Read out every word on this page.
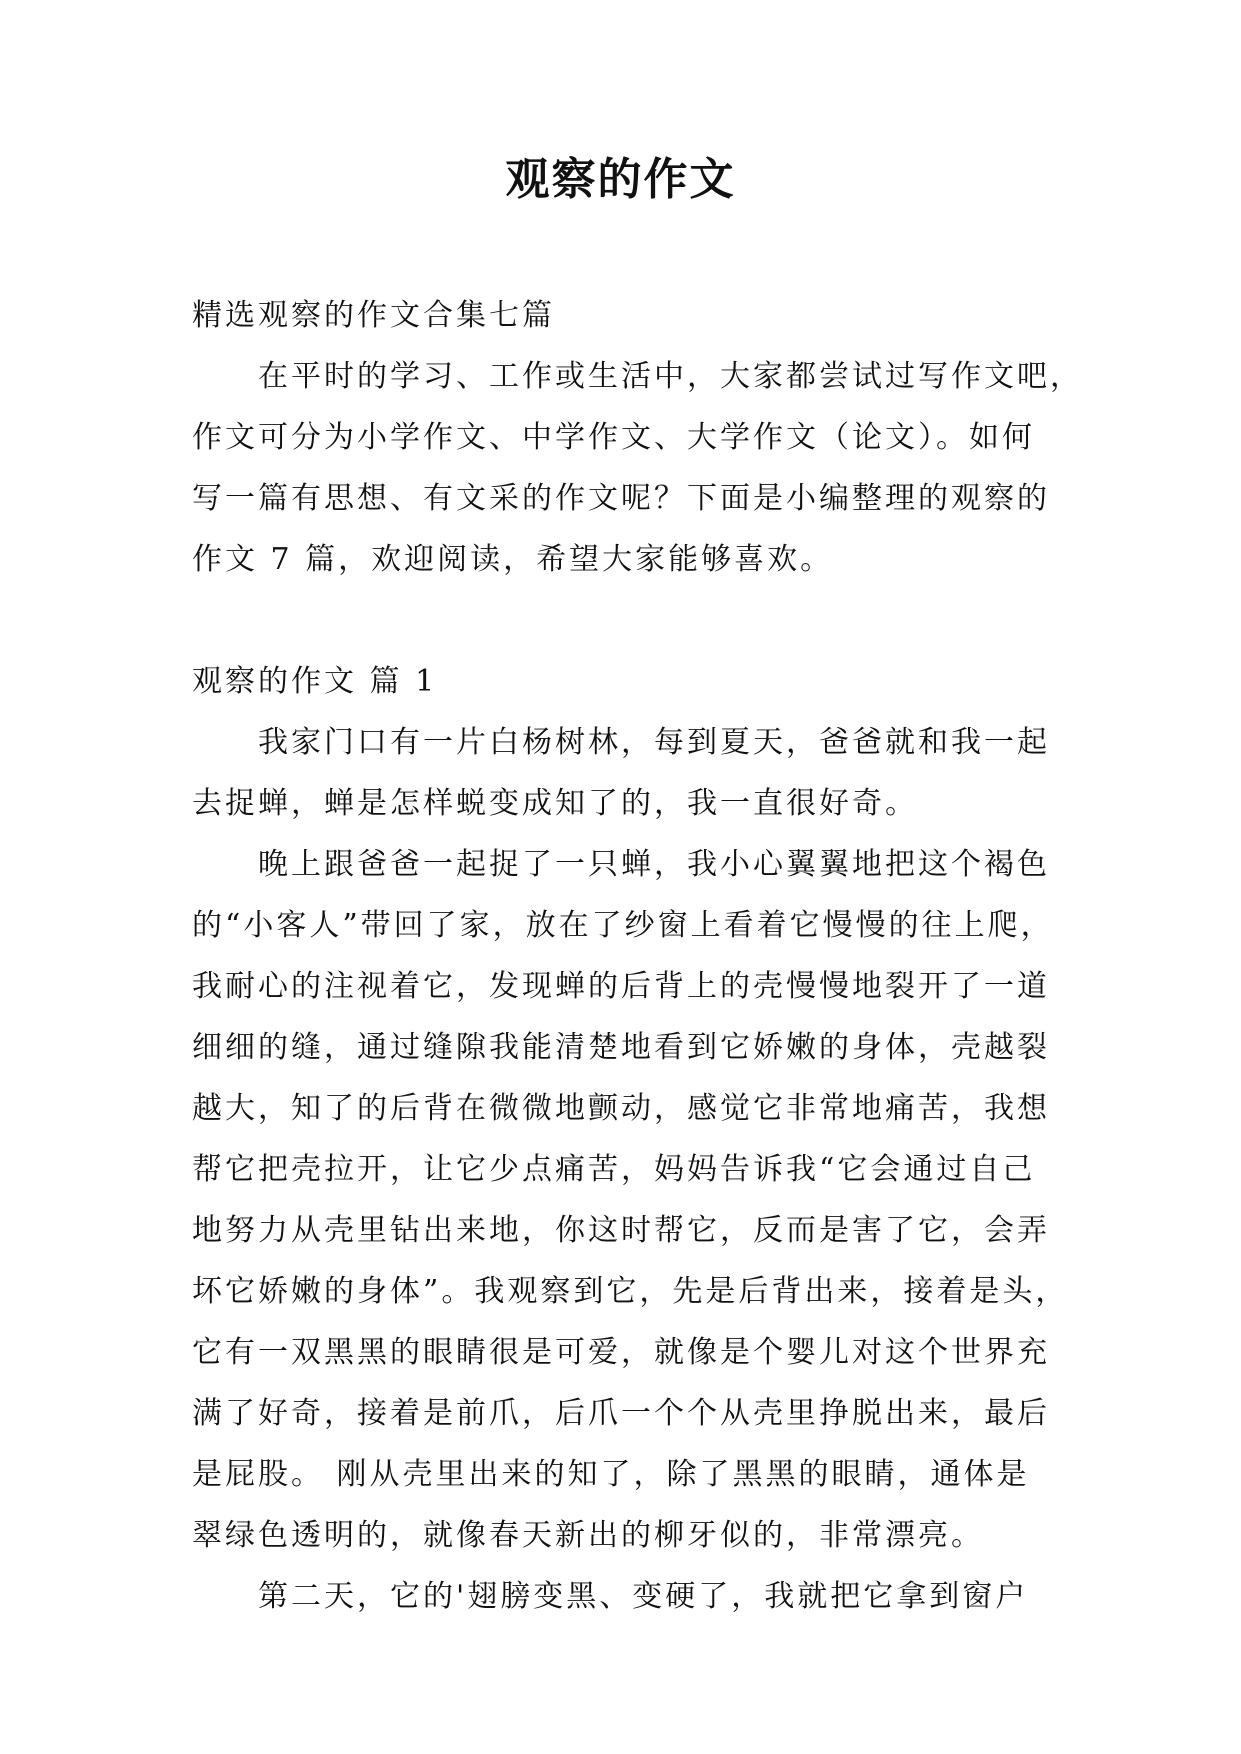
观察的作文
精选观察的作文合集七篇
在平时的学习、工作或生活中，大家都尝试过写作文吧，
作文可分为小学作文、中学作文、大学作文（论文）。如何
写一篇有思想、有文采的作文呢？下面是小编整理的观察的
作文 7 篇，欢迎阅读，希望大家能够喜欢。
观察的作文 篇 1
我家门口有一片白杨树林，每到夏天，爸爸就和我一起
去捉蝉，蝉是怎样蜕变成知了的，我一直很好奇。
晚上跟爸爸一起捉了一只蝉，我小心翼翼地把这个褐色
的“小客人”带回了家，放在了纱窗上看着它慢慢的往上爬，
我耐心的注视着它，发现蝉的后背上的壳慢慢地裂开了一道
细细的缝，通过缝隙我能清楚地看到它娇嫩的身体，壳越裂
越大，知了的后背在微微地颤动，感觉它非常地痛苦，我想
帮它把壳拉开，让它少点痛苦，妈妈告诉我“它会通过自己
地努力从壳里钻出来地，你这时帮它，反而是害了它，会弄
坏它娇嫩的身体”。我观察到它，先是后背出来，接着是头，
它有一双黑黑的眼睛很是可爱，就像是个婴儿对这个世界充
满了好奇，接着是前爪，后爪一个个从壳里挣脱出来，最后
是屁股。 刚从壳里出来的知了，除了黑黑的眼睛，通体是
翠绿色透明的，就像春天新出的柳牙似的，非常漂亮。
第二天，它的'翅膀变黑、变硬了，我就把它拿到窗户
